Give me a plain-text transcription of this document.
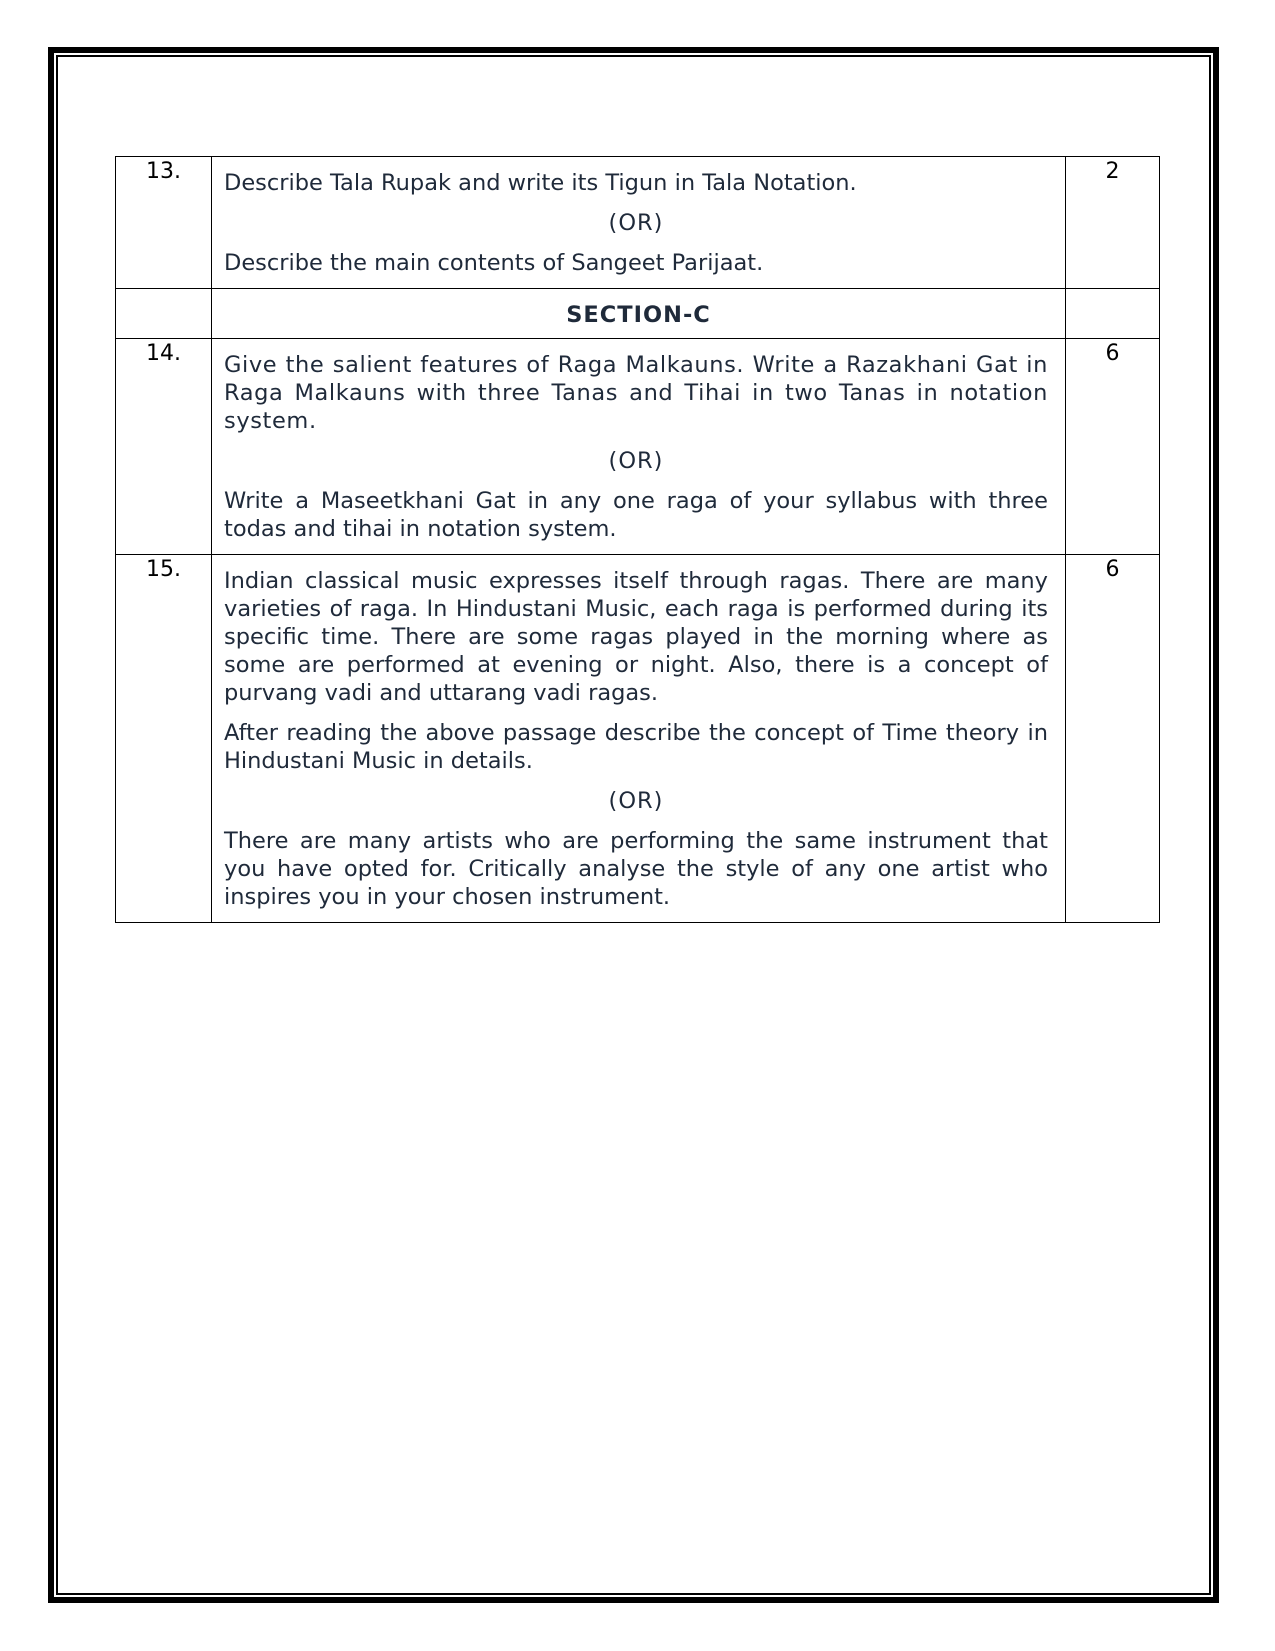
13.	Describe Tala Rupak and write its Tigun in Tala Notation.

(OR)

Describe the main contents of Sangeet Parijaat.	2
	SECTION-C	
14.	Give the salient features of Raga Malkauns. Write a Razakhani Gat in Raga Malkauns with three Tanas and Tihai in two Tanas in notation system.

(OR)

Write a Maseetkhani Gat in any one raga of your syllabus with three todas and tihai in notation system.	6
15.	Indian classical music expresses itself through ragas. There are many varieties of raga. In Hindustani Music, each raga is performed during its specific time. There are some ragas played in the morning where as some are performed at evening or night. Also, there is a concept of purvang vadi and uttarang vadi ragas.

After reading the above passage describe the concept of Time theory in Hindustani Music in details.

(OR)

There are many artists who are performing the same instrument that you have opted for. Critically analyse the style of any one artist who inspires you in your chosen instrument.	6
